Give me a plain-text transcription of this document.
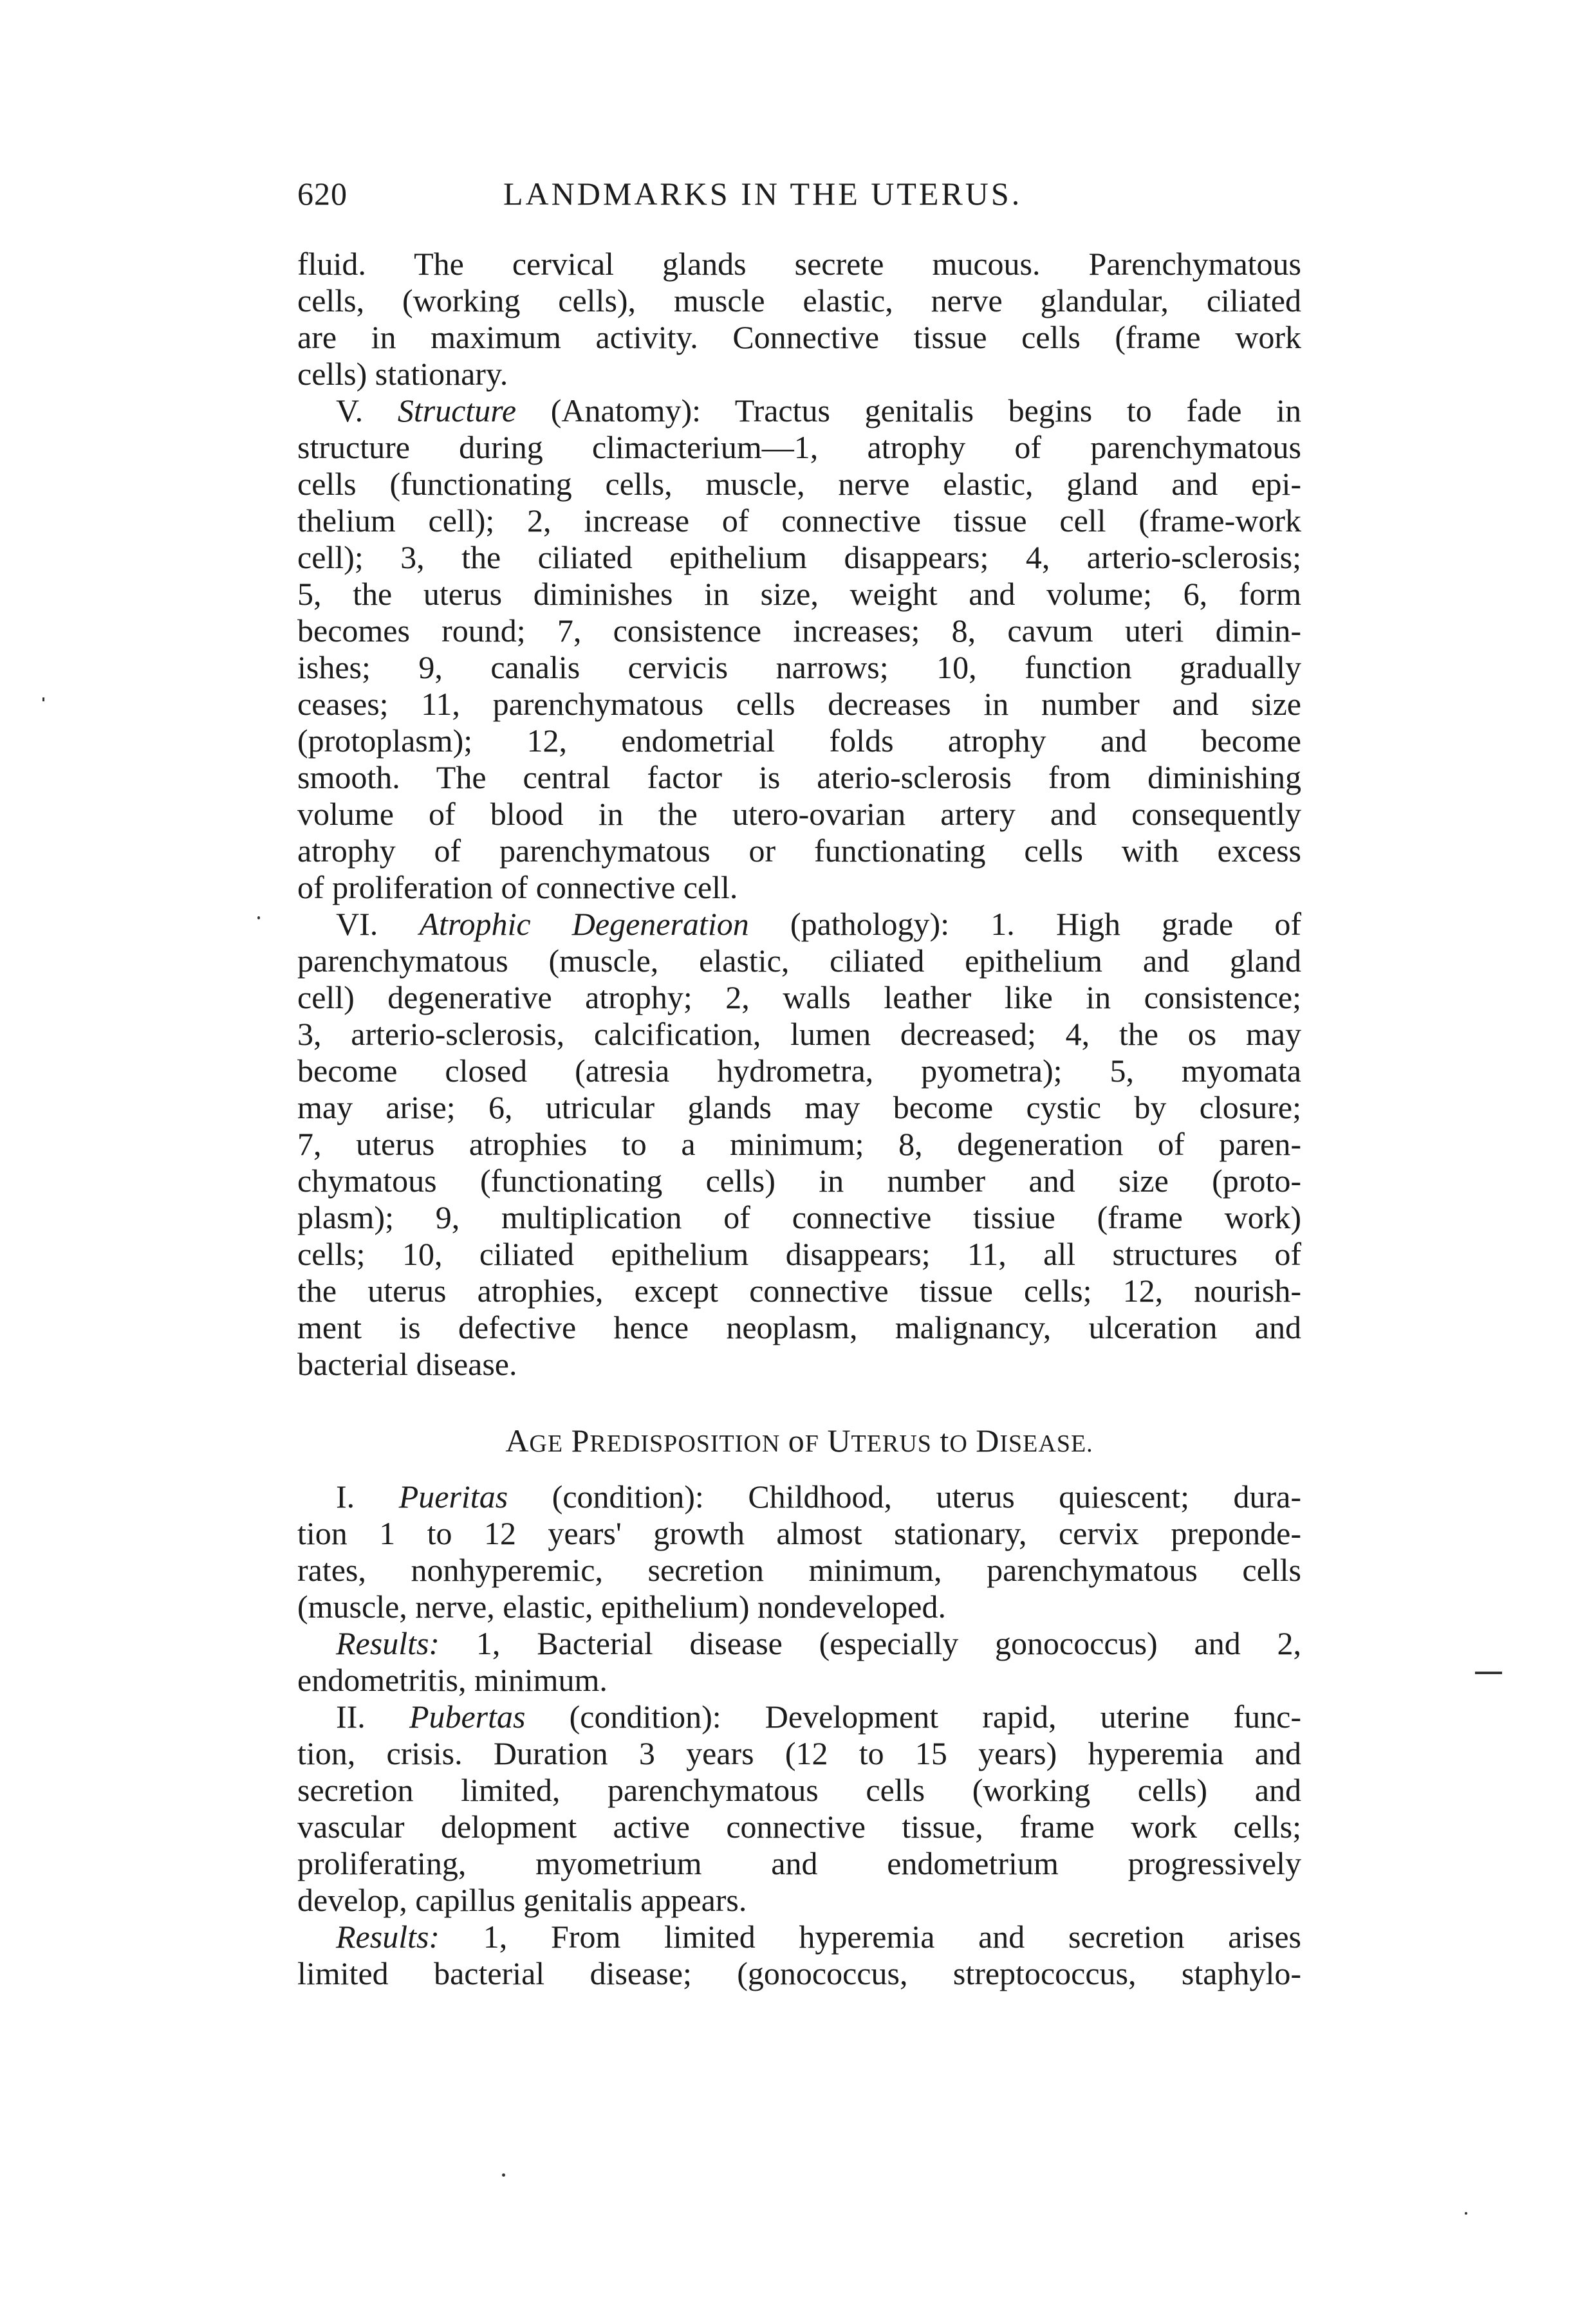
620	LANDMARKS IN THE UTERUS.
fluid. The cervical glands secrete mucous. Parenchymatous
cells, (working cells), muscle elastic, nerve glandular, ciliated
are in maximum activity. Connective tissue cells (frame work
cells) stationary.
V. Structure (Anatomy): Tractus genitalis begins to fade in
structure during climacterium—1, atrophy of parenchymatous
cells (functionating cells, muscle, nerve elastic, gland and epi-
thelium cell); 2, increase of connective tissue cell (frame-work
cell); 3, the ciliated epithelium disappears; 4, arterio-sclerosis;
5, the uterus diminishes in size, weight and volume; 6, form
becomes round; 7, consistence increases; 8, cavum uteri dimin-
ishes; 9, canalis cervicis narrows; 10, function gradually
ceases; 11, parenchymatous cells decreases in number and size
(protoplasm); 12, endometrial folds atrophy and become
smooth. The central factor is aterio-sclerosis from diminishing
volume of blood in the utero-ovarian artery and consequently
atrophy of parenchymatous or functionating cells with excess
of proliferation of connective cell.
VI. Atrophic Degeneration (pathology): 1. High grade of
parenchymatous (muscle, elastic, ciliated epithelium and gland
cell) degenerative atrophy; 2, walls leather like in consistence;
3, arterio-sclerosis, calcification, lumen decreased; 4, the os may
become closed (atresia hydrometra, pyometra); 5, myomata
may arise; 6, utricular glands may become cystic by closure;
7, uterus atrophies to a minimum; 8, degeneration of paren-
chymatous (functionating cells) in number and size (proto-
plasm); 9, multiplication of connective tissiue (frame work)
cells; 10, ciliated epithelium disappears; 11, all structures of
the uterus atrophies, except connective tissue cells; 12, nourish-
ment is defective hence neoplasm, malignancy, ulceration and
bacterial disease.
AGE PREDISPOSITION oF UTERUS tO DISEASE.
I. Pueritas (condition): Childhood, uterus quiescent; dura-
tion 1 to 12 years' growth almost stationary, cervix preponde-
rates, nonhyperemic, secretion minimum, parenchymatous cells
(muscle, nerve, elastic, epithelium) nondeveloped.
Results: 1, Bacterial disease (especially gonococcus) and 2,
endometritis, minimum.
II. Pubertas (condition): Development rapid, uterine func-
tion, crisis. Duration 3 years (12 to 15 years) hyperemia and
secretion limited, parenchymatous cells (working cells) and
vascular delopment active connective tissue, frame work cells;
proliferating, myometrium and endometrium progressively
develop, capillus genitalis appears.
Results: 1, From limited hyperemia and secretion arises
limited bacterial disease; (gonococcus, streptococcus, staphylo-
